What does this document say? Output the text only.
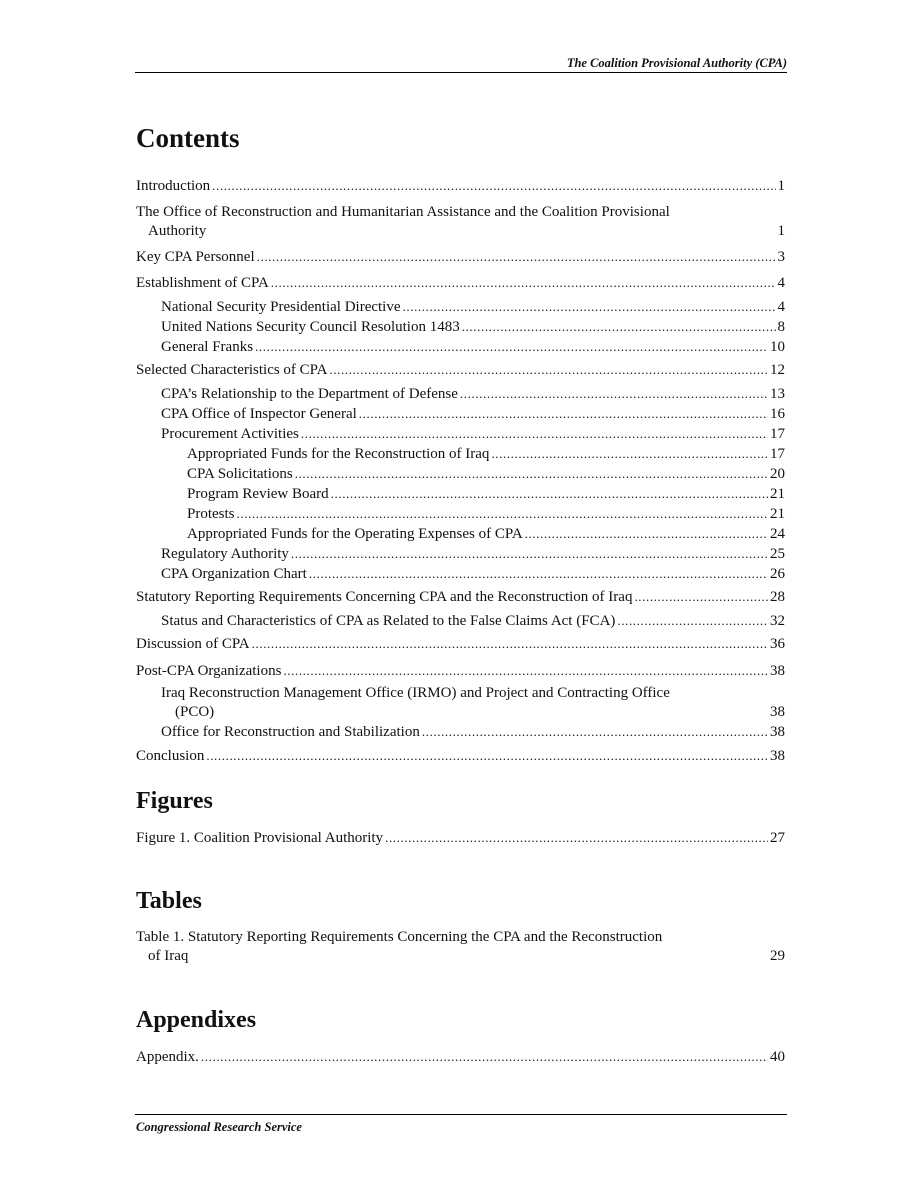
The Coalition Provisional Authority (CPA)
Contents
Introduction .....	1
The Office of Reconstruction and Humanitarian Assistance and the Coalition Provisional
Authority	1
Key CPA Personnel .....	3
Establishment of CPA .....	4
National Security Presidential Directive .....	4
United Nations Security Council Resolution 1483 .....	8
General Franks .....	10
Selected Characteristics of CPA .....	12
CPA’s Relationship to the Department of Defense .....	13
CPA Office of Inspector General .....	16
Procurement Activities .....	17
Appropriated Funds for the Reconstruction of Iraq .....	17
CPA Solicitations .....	20
Program Review Board .....	21
Protests .....	21
Appropriated Funds for the Operating Expenses of CPA .....	24
Regulatory Authority .....	25
CPA Organization Chart .....	26
Statutory Reporting Requirements Concerning CPA and the Reconstruction of Iraq .....	28
Status and Characteristics of CPA as Related to the False Claims Act (FCA) .....	32
Discussion of CPA .....	36
Post-CPA Organizations .....	38
Iraq Reconstruction Management Office (IRMO) and Project and Contracting Office
(PCO)	38
Office for Reconstruction and Stabilization .....	38
Conclusion .....	38
Figures
Figure 1. Coalition Provisional Authority .....	27
Tables
Table 1. Statutory Reporting Requirements Concerning the CPA and the Reconstruction
of Iraq	29
Appendixes
Appendix. .....	40
Congressional Research Service
